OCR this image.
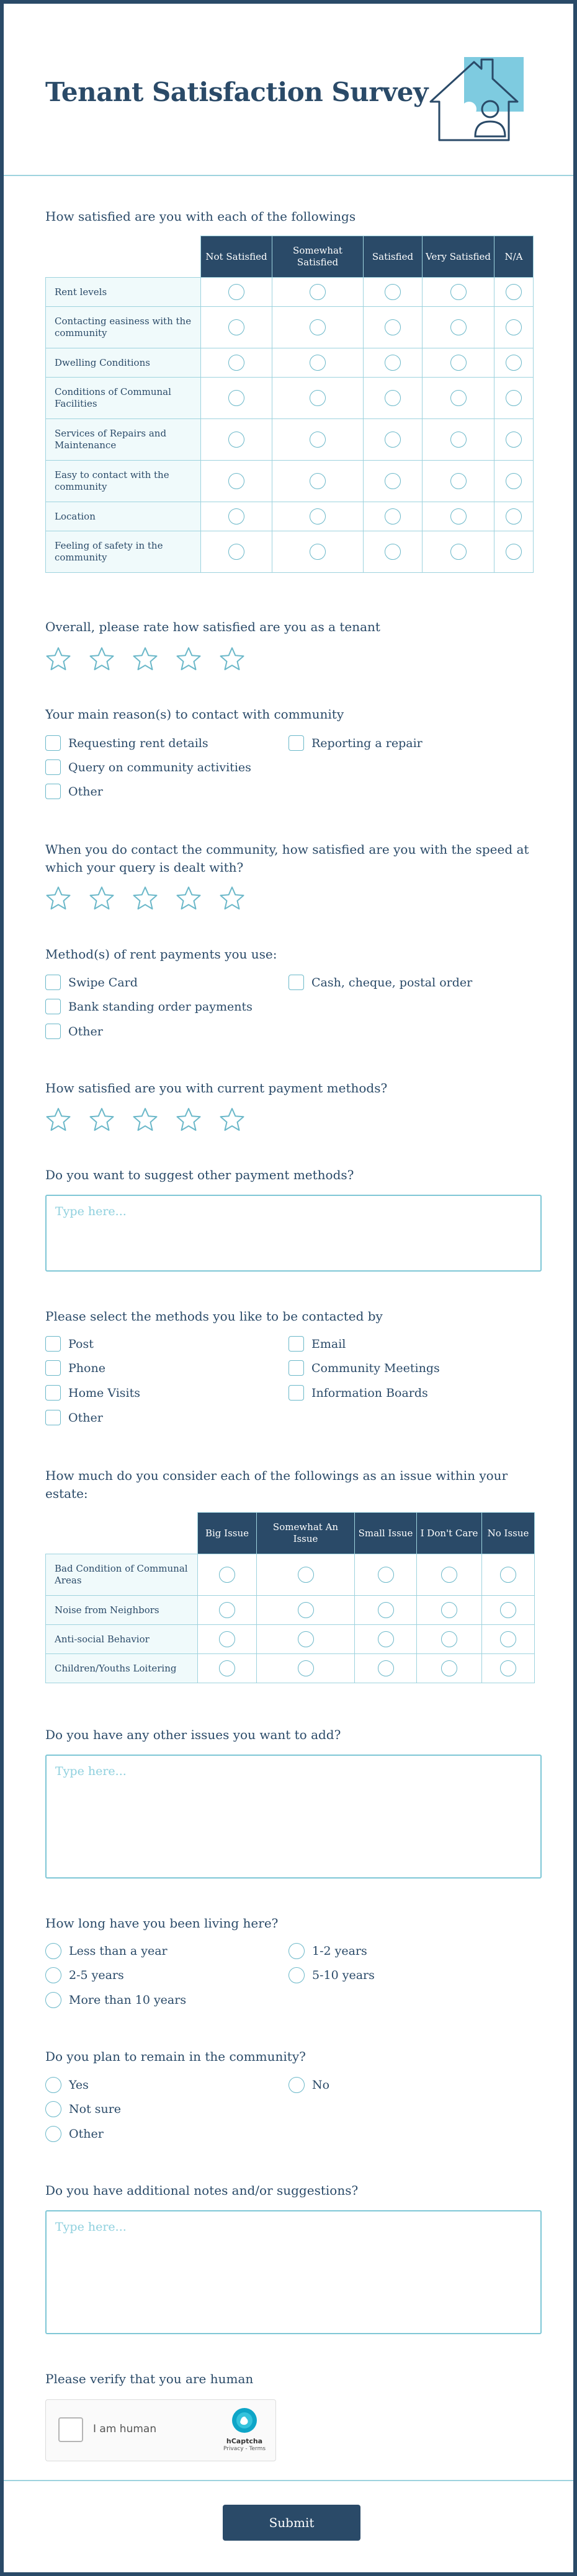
Tenant Satisfaction Survey
How satisfied are you with each of the followings
	Not Satisfied	Somewhat Satisfied	Satisfied	Very Satisfied	N/A
Rent levels					
Contacting easiness with the community					
Dwelling Conditions					
Conditions of Communal Facilities					
Services of Repairs and Maintenance					
Easy to contact with the community					
Location					
Feeling of safety in the community					
Overall, please rate how satisfied are you as a tenant
Your main reason(s) to contact with community
Requesting rent details	Reporting a repair
Query on community activities
Other
When you do contact the community, how satisfied are you with the speed at which your query is dealt with?
Method(s) of rent payments you use:
Swipe Card	Cash, cheque, postal order
Bank standing order payments
Other
How satisfied are you with current payment methods?
Do you want to suggest other payment methods?
Type here...
Please select the methods you like to be contacted by
Post	Email
Phone	Community Meetings
Home Visits	Information Boards
Other
How much do you consider each of the followings as an issue within your estate:
	Big Issue	Somewhat An Issue	Small Issue	I Don't Care	No Issue
Bad Condition of Communal Areas					
Noise from Neighbors					
Anti-social Behavior					
Children/Youths Loitering					
Do you have any other issues you want to add?
Type here...
How long have you been living here?
Less than a year	1-2 years
2-5 years	5-10 years
More than 10 years
Do you plan to remain in the community?
Yes	No
Not sure
Other
Do you have additional notes and/or suggestions?
Type here...
Please verify that you are human
I am human
hCaptcha
Privacy - Terms
Submit
